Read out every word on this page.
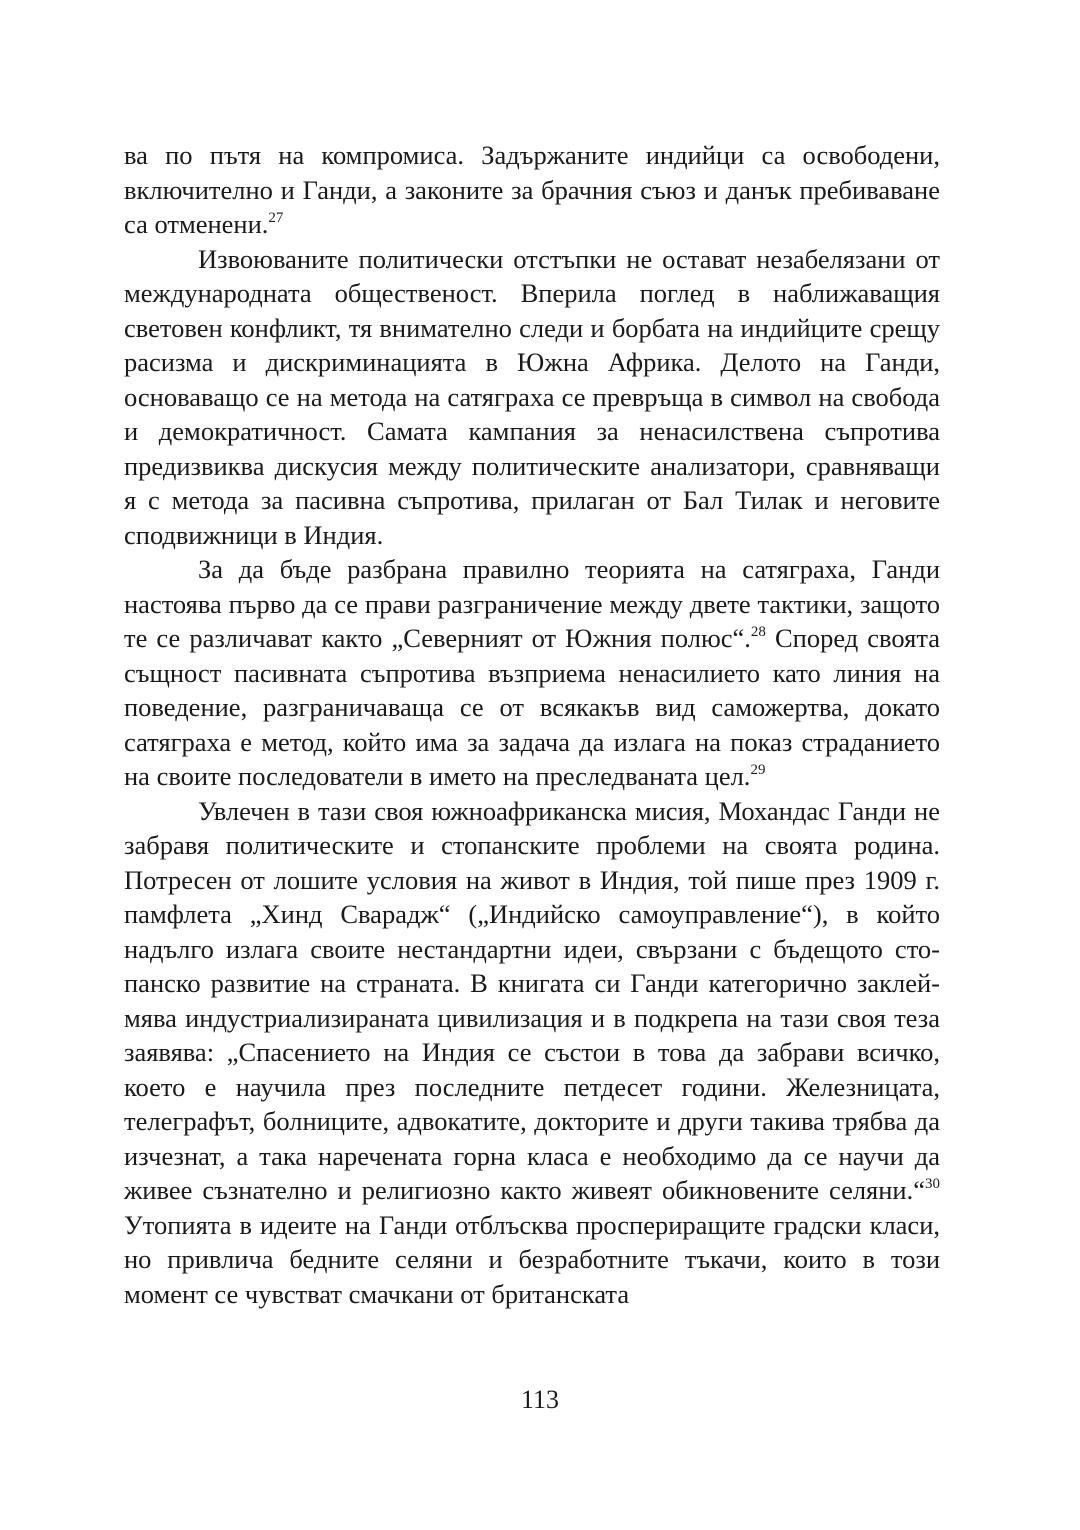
ва по пътя на компромиса. Задържаните индийци са освободени, включително и Ганди, а законите за брачния съюз и данък пребиваване са отменени.$^{27}$

Извоюваните политически отстъпки не остават незабелязани от международната общественост. Вперила поглед в наближаващия световен конфликт, тя внимателно следи и борбата на индийците срещу расизма и дискриминацията в Южна Африка. Делото на Ганди, основаващо се на метода на сатяграха се превръща в символ на свобода и демократичност. Самата кампания за ненасилствена съпротива предизвиква дискусия между политическите анализатори, сравняващи я с метода за пасивна съпротива, прилаган от Бал Тилак и неговите сподвижници в Индия.

За да бъде разбрана правилно теорията на сатяграха, Ганди настоява първо да се прави разграничение между двете тактики, защото те се различават както „Северният от Южния полюс“.$^{28}$ Според своята същност пасивната съпротива възприема ненасилието като линия на поведение, разграничаваща се от всякакъв вид саможертва, докато сатяграха е метод, който има за задача да излага на показ страданието на своите последователи в името на преследваната цел.$^{29}$

Увлечен в тази своя южноафриканска мисия, Мохандас Ганди не забравя политическите и стопанските проблеми на своята родина. Потресен от лошите условия на живот в Индия, той пише през 1909 г. памфлета „Хинд Сварадж“ („Индийско самоуправление“), в който надълго излага своите нестандартни идеи, свързани с бъдещото стопанско развитие на страната. В книгата си Ганди категорично заклеймява индустриализираната цивилизация и в подкрепа на тази своя теза заявява: „Спасението на Индия се състои в това да забрави всичко, което е научила през последните петдесет години. Железницата, телеграфът, болниците, адвокатите, докторите и други такива трябва да изчезнат, а така наречената горна класа е необходимо да се научи да живее съзнателно и религиозно както живеят обикновените селяни.“$^{30}$ Утопията в идеите на Ганди отблъсква проспериращите градски класи, но привлича бедните селяни и безработните тъкачи, които в този момент се чувстват смачкани от британската

113
